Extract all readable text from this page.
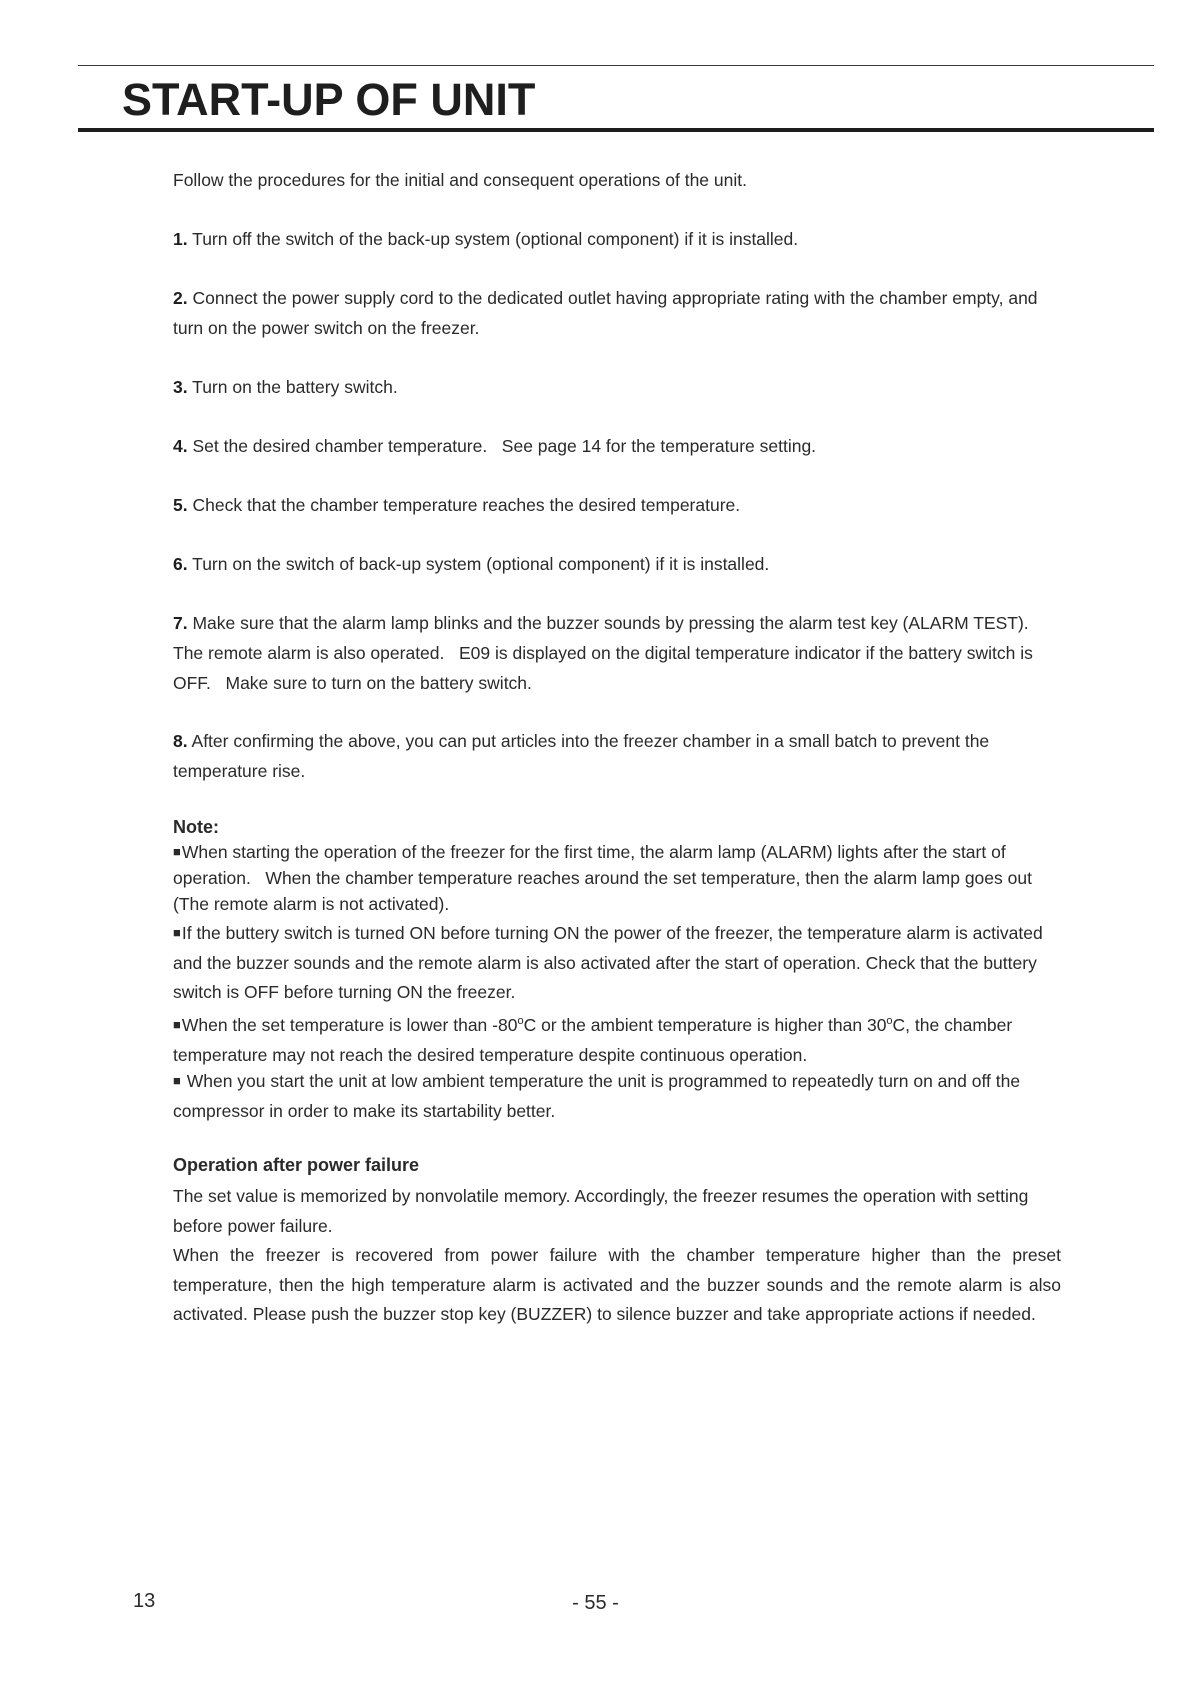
START-UP OF UNIT

Follow the procedures for the initial and consequent operations of the unit.

1. Turn off the switch of the back-up system (optional component) if it is installed.

2. Connect the power supply cord to the dedicated outlet having appropriate rating with the chamber empty, and turn on the power switch on the freezer.

3. Turn on the battery switch.

4. Set the desired chamber temperature.   See page 14 for the temperature setting.

5. Check that the chamber temperature reaches the desired temperature.

6. Turn on the switch of back-up system (optional component) if it is installed.

7. Make sure that the alarm lamp blinks and the buzzer sounds by pressing the alarm test key (ALARM TEST).   The remote alarm is also operated.   E09 is displayed on the digital temperature indicator if the battery switch is OFF.   Make sure to turn on the battery switch.

8. After confirming the above, you can put articles into the freezer chamber in a small batch to prevent the temperature rise.

Note:

■When starting the operation of the freezer for the first time, the alarm lamp (ALARM) lights after the start of operation.   When the chamber temperature reaches around the set temperature, then the alarm lamp goes out (The remote alarm is not activated).

■If the buttery switch is turned ON before turning ON the power of the freezer, the temperature alarm is activated and the buzzer sounds and the remote alarm is also activated after the start of operation. Check that the buttery switch is OFF before turning ON the freezer.

■When the set temperature is lower than -80$^o$C or the ambient temperature is higher than 30$^o$C, the chamber temperature may not reach the desired temperature despite continuous operation.

■ When you start the unit at low ambient temperature the unit is programmed to repeatedly turn on and off the compressor in order to make its startability better.

Operation after power failure

The set value is memorized by nonvolatile memory. Accordingly, the freezer resumes the operation with setting before power failure.

When the freezer is recovered from power failure with the chamber temperature higher than the preset temperature, then the high temperature alarm is activated and the buzzer sounds and the remote alarm is also activated. Please push the buzzer stop key (BUZZER) to silence buzzer and take appropriate actions if needed.

13	- 55 -
